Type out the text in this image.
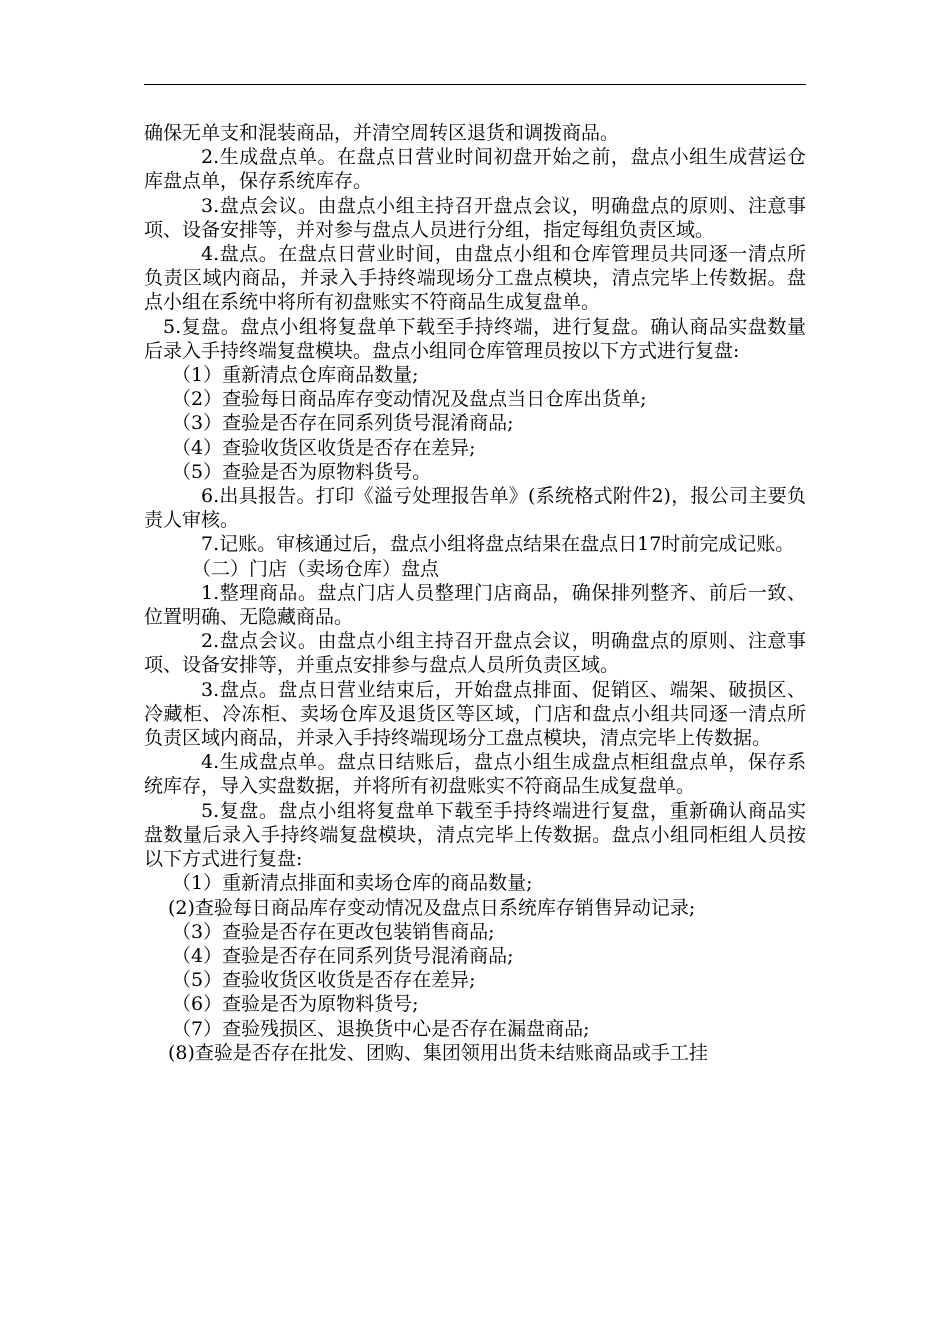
确保无单支和混装商品，并清空周转区退货和调拨商品。

2.生成盘点单。在盘点日营业时间初盘开始之前，盘点小组生成营运仓库盘点单，保存系统库存。

3.盘点会议。由盘点小组主持召开盘点会议，明确盘点的原则、注意事项、设备安排等，并对参与盘点人员进行分组，指定每组负责区域。

4.盘点。在盘点日营业时间，由盘点小组和仓库管理员共同逐一清点所负责区域内商品，并录入手持终端现场分工盘点模块，清点完毕上传数据。盘点小组在系统中将所有初盘账实不符商品生成复盘单。

5.复盘。盘点小组将复盘单下载至手持终端，进行复盘。确认商品实盘数量后录入手持终端复盘模块。盘点小组同仓库管理员按以下方式进行复盘:

（1）重新清点仓库商品数量;

（2）查验每日商品库存变动情况及盘点当日仓库出货单;

（3）查验是否存在同系列货号混淆商品;

（4）查验收货区收货是否存在差异;

（5）查验是否为原物料货号。

6.出具报告。打印《溢亏处理报告单》(系统格式附件2)，报公司主要负责人审核。

7.记账。审核通过后，盘点小组将盘点结果在盘点日17时前完成记账。

（二）门店（卖场仓库）盘点

1.整理商品。盘点门店人员整理门店商品，确保排列整齐、前后一致、位置明确、无隐藏商品。

2.盘点会议。由盘点小组主持召开盘点会议，明确盘点的原则、注意事项、设备安排等，并重点安排参与盘点人员所负责区域。

3.盘点。盘点日营业结束后，开始盘点排面、促销区、端架、破损区、冷藏柜、冷冻柜、卖场仓库及退货区等区域，门店和盘点小组共同逐一清点所负责区域内商品，并录入手持终端现场分工盘点模块，清点完毕上传数据。

4.生成盘点单。盘点日结账后，盘点小组生成盘点柜组盘点单，保存系统库存，导入实盘数据，并将所有初盘账实不符商品生成复盘单。

5.复盘。盘点小组将复盘单下载至手持终端进行复盘，重新确认商品实盘数量后录入手持终端复盘模块，清点完毕上传数据。盘点小组同柜组人员按以下方式进行复盘:

（1）重新清点排面和卖场仓库的商品数量;

(2)查验每日商品库存变动情况及盘点日系统库存销售异动记录;

（3）查验是否存在更改包装销售商品;

（4）查验是否存在同系列货号混淆商品;

（5）查验收货区收货是否存在差异;

（6）查验是否为原物料货号;

（7）查验残损区、退换货中心是否存在漏盘商品;

(8)查验是否存在批发、团购、集团领用出货未结账商品或手工挂
